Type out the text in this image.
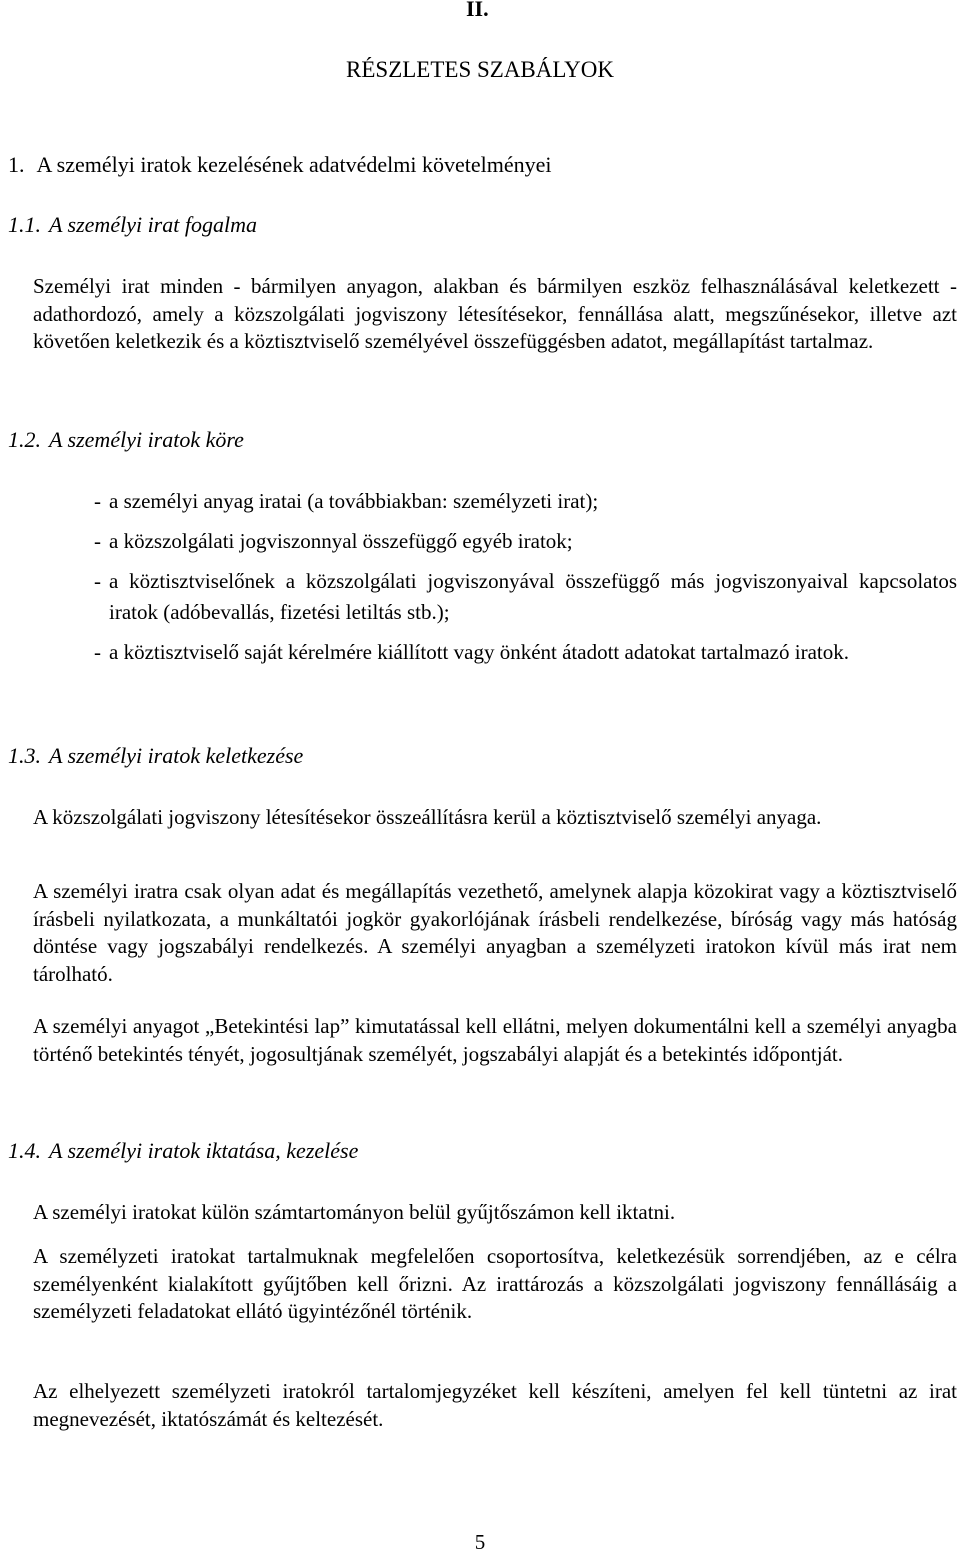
II.
RÉSZLETES SZABÁLYOK
1. A személyi iratok kezelésének adatvédelmi követelményei
1.1. A személyi irat fogalma

Személyi irat minden - bármilyen anyagon, alakban és bármilyen eszköz felhasználásával keletkezett - adathordozó, amely a közszolgálati jogviszony létesítésekor, fennállása alatt, megszűnésekor, illetve azt követően keletkezik és a köztisztviselő személyével összefüggésben adatot, megállapítást tartalmaz.

1.2. A személyi iratok köre
- a személyi anyag iratai (a továbbiakban: személyzeti irat);
- a közszolgálati jogviszonnyal összefüggő egyéb iratok;
- a köztisztviselőnek a közszolgálati jogviszonyával összefüggő más jogviszonyaival kapcsolatos iratok (adóbevallás, fizetési letiltás stb.);
- a köztisztviselő saját kérelmére kiállított vagy önként átadott adatokat tartalmazó iratok.
1.3. A személyi iratok keletkezése

A közszolgálati jogviszony létesítésekor összeállításra kerül a köztisztviselő személyi anyaga.

A személyi iratra csak olyan adat és megállapítás vezethető, amelynek alapja közokirat vagy a köztisztviselő írásbeli nyilatkozata, a munkáltatói jogkör gyakorlójának írásbeli rendelkezése, bíróság vagy más hatóság döntése vagy jogszabályi rendelkezés. A személyi anyagban a személyzeti iratokon kívül más irat nem tárolható.

A személyi anyagot „Betekintési lap” kimutatással kell ellátni, melyen dokumentálni kell a személyi anyagba történő betekintés tényét, jogosultjának személyét, jogszabályi alapját és a betekintés időpontját.

1.4. A személyi iratok iktatása, kezelése

A személyi iratokat külön számtartományon belül gyűjtőszámon kell iktatni.

A személyzeti iratokat tartalmuknak megfelelően csoportosítva, keletkezésük sorrendjében, az e célra személyenként kialakított gyűjtőben kell őrizni. Az irattározás a közszolgálati jogviszony fennállásáig a személyzeti feladatokat ellátó ügyintézőnél történik.

Az elhelyezett személyzeti iratokról tartalomjegyzéket kell készíteni, amelyen fel kell tüntetni az irat megnevezését, iktatószámát és keltezését.

5
